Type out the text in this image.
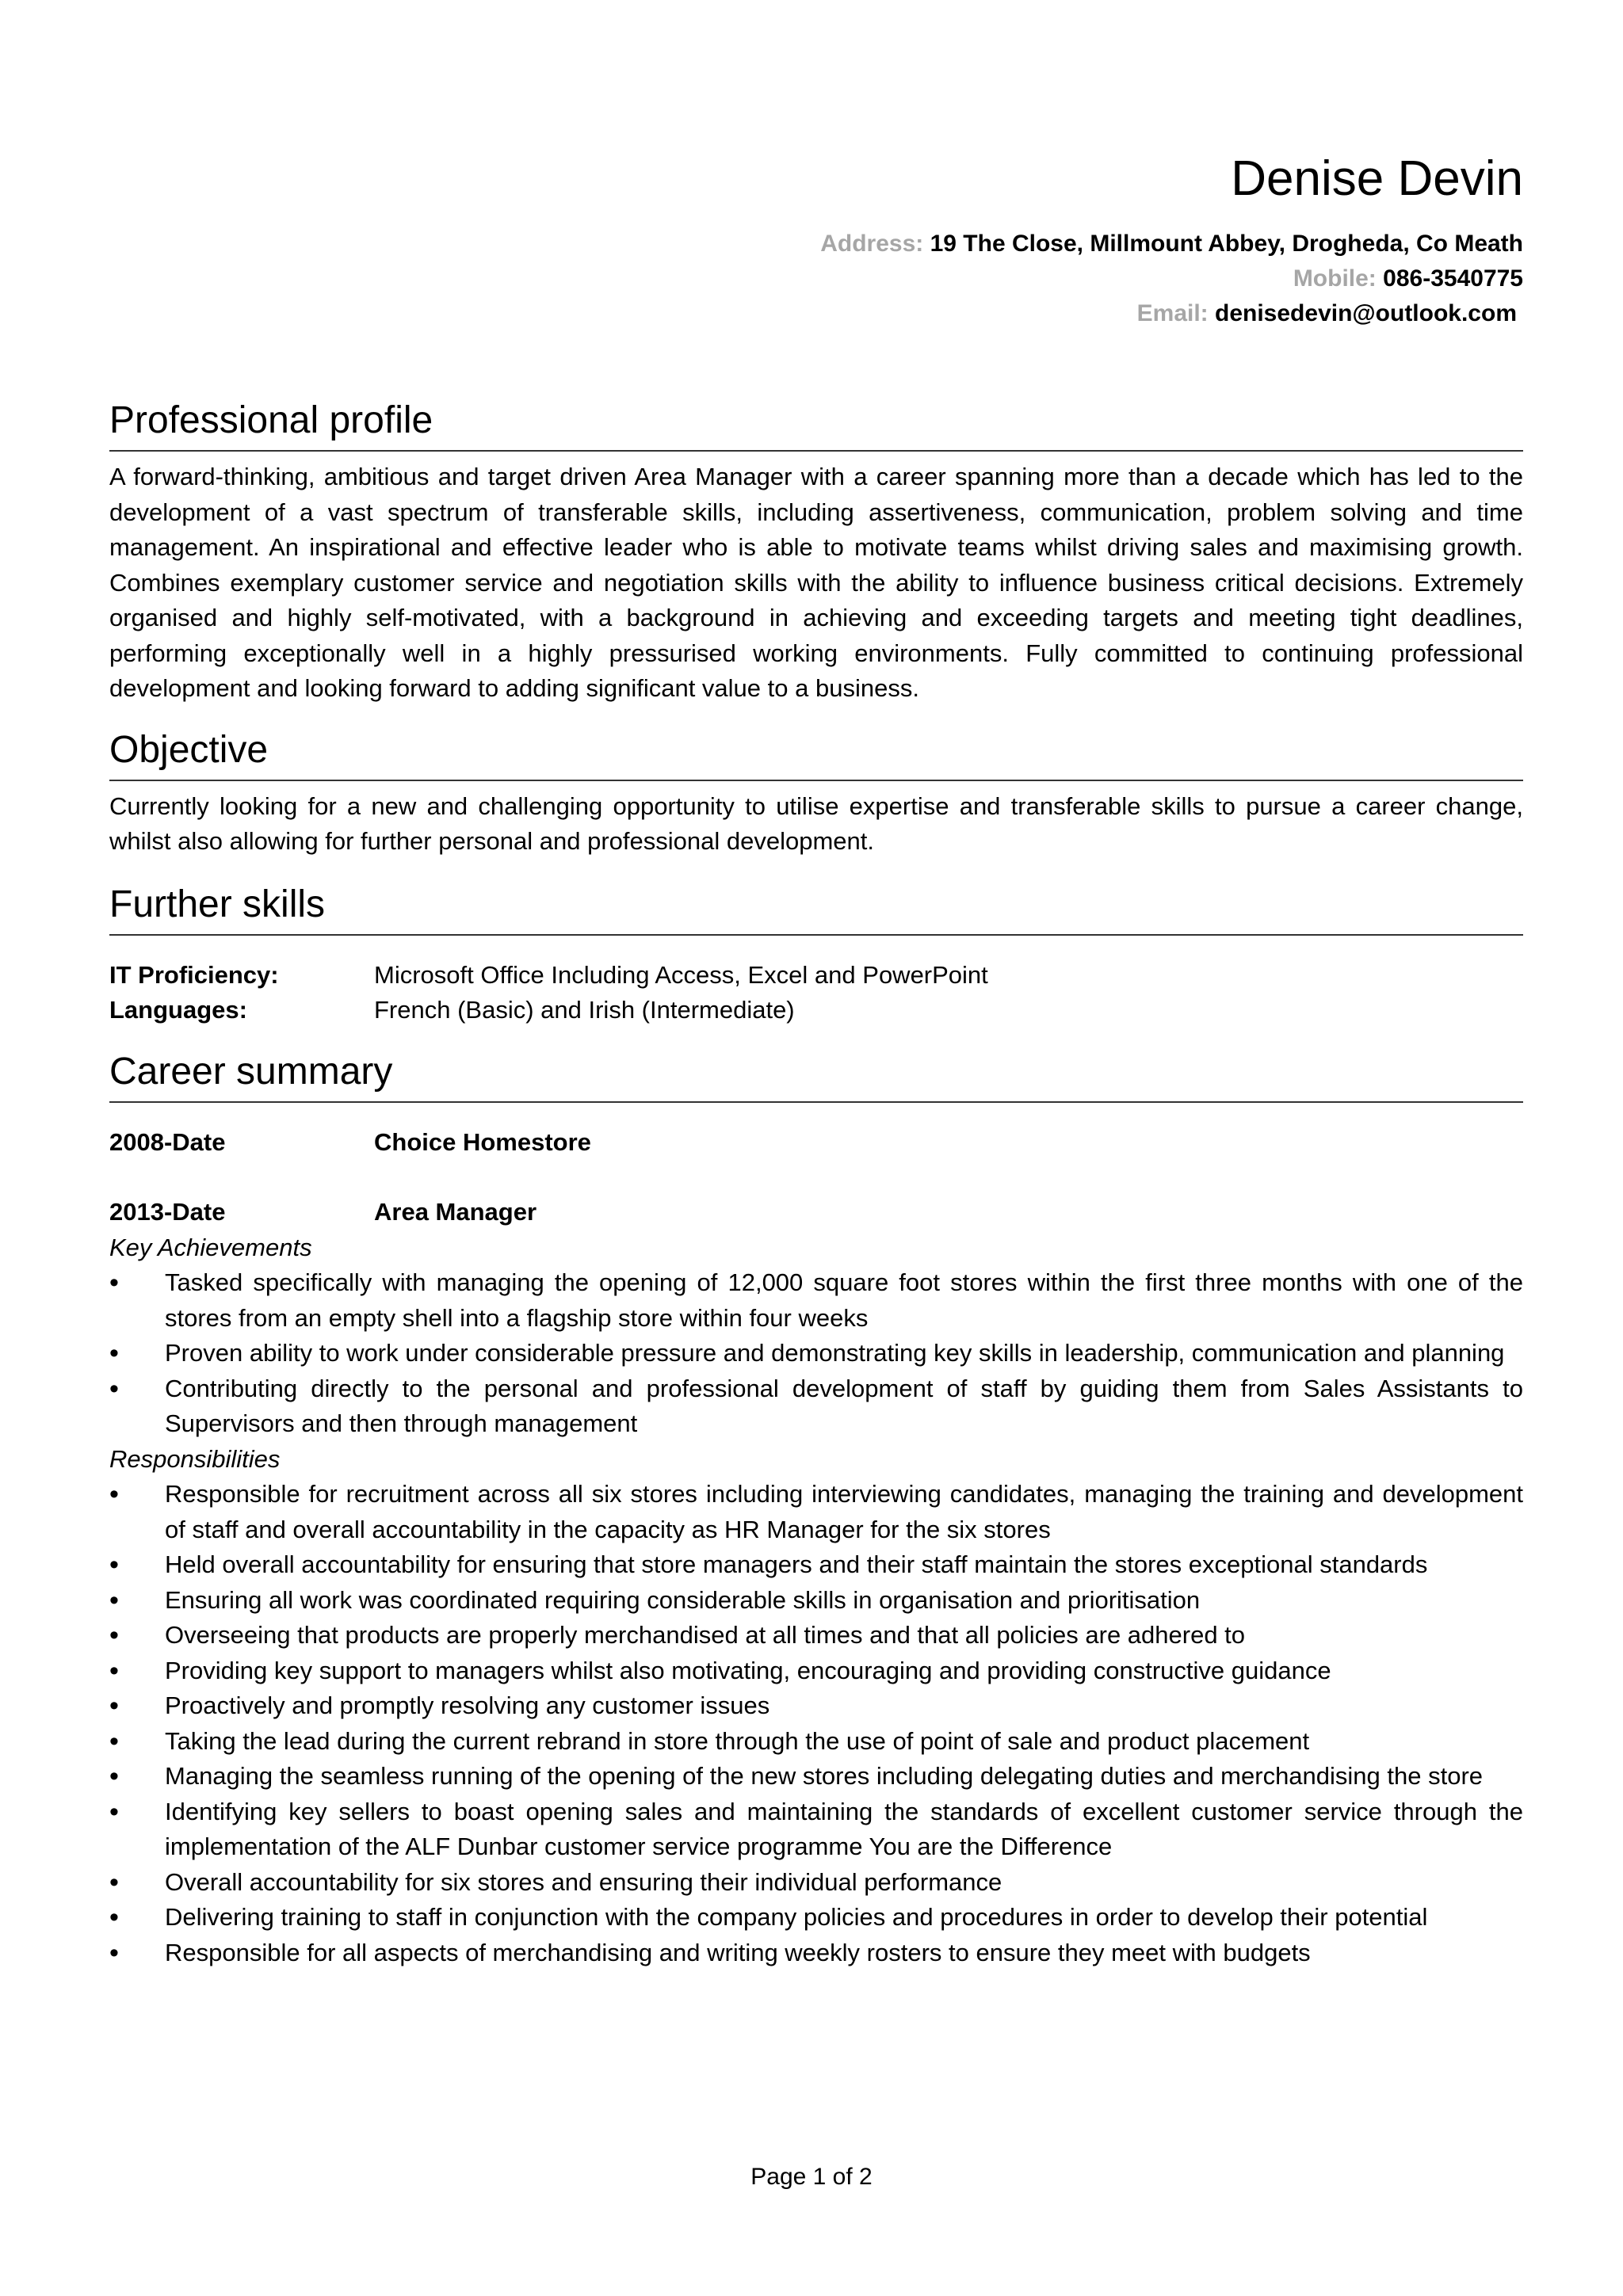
Denise Devin
Address: 19 The Close, Millmount Abbey, Drogheda, Co Meath
Mobile: 086-3540775
Email: denisedevin@outlook.com
Professional profile

A forward-thinking, ambitious and target driven Area Manager with a career spanning more than a decade which has led to the development of a vast spectrum of transferable skills, including assertiveness, communication, problem solving and time management. An inspirational and effective leader who is able to motivate teams whilst driving sales and maximising growth. Combines exemplary customer service and negotiation skills with the ability to influence business critical decisions. Extremely organised and highly self-motivated, with a background in achieving and exceeding targets and meeting tight deadlines, performing exceptionally well in a highly pressurised working environments. Fully committed to continuing professional development and looking forward to adding significant value to a business.

Objective

Currently looking for a new and challenging opportunity to utilise expertise and transferable skills to pursue a career change, whilst also allowing for further personal and professional development.

Further skills
IT Proficiency:	Microsoft Office Including Access, Excel and PowerPoint
Languages:	French (Basic) and Irish (Intermediate)
Career summary
2008-Date	Choice Homestore
2013-Date	Area Manager
Key Achievements
• Tasked specifically with managing the opening of 12,000 square foot stores within the first three months with one of the stores from an empty shell into a flagship store within four weeks
• Proven ability to work under considerable pressure and demonstrating key skills in leadership, communication and planning
• Contributing directly to the personal and professional development of staff by guiding them from Sales Assistants to Supervisors and then through management
Responsibilities
• Responsible for recruitment across all six stores including interviewing candidates, managing the training and development of staff and overall accountability in the capacity as HR Manager for the six stores
• Held overall accountability for ensuring that store managers and their staff maintain the stores exceptional standards
• Ensuring all work was coordinated requiring considerable skills in organisation and prioritisation
• Overseeing that products are properly merchandised at all times and that all policies are adhered to
• Providing key support to managers whilst also motivating, encouraging and providing constructive guidance
• Proactively and promptly resolving any customer issues
• Taking the lead during the current rebrand in store through the use of point of sale and product placement
• Managing the seamless running of the opening of the new stores including delegating duties and merchandising the store
• Identifying key sellers to boast opening sales and maintaining the standards of excellent customer service through the implementation of the ALF Dunbar customer service programme You are the Difference
• Overall accountability for six stores and ensuring their individual performance
• Delivering training to staff in conjunction with the company policies and procedures in order to develop their potential
• Responsible for all aspects of merchandising and writing weekly rosters to ensure they meet with budgets
Page 1 of 2
